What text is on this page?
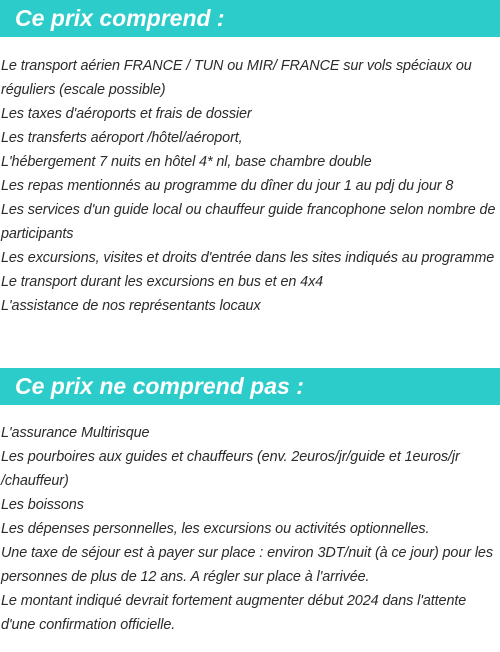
Ce prix comprend :
Le transport aérien FRANCE / TUN ou MIR/ FRANCE sur vols spéciaux ou réguliers (escale possible)
Les taxes d'aéroports et frais de dossier
Les transferts aéroport /hôtel/aéroport,
L'hébergement 7 nuits en hôtel 4* nl, base chambre double
Les repas mentionnés au programme du dîner du jour 1 au pdj du jour 8
Les services d'un guide local ou chauffeur guide francophone selon nombre de participants
Les excursions, visites et droits d'entrée dans les sites indiqués au programme
Le transport durant les excursions en bus et en 4x4
L'assistance de nos représentants locaux
Ce prix ne comprend pas :
L'assurance Multirisque
Les pourboires aux guides et chauffeurs (env. 2euros/jr/guide et 1euros/jr /chauffeur)
Les boissons
Les dépenses personnelles, les excursions ou activités optionnelles.
Une taxe de séjour est à payer sur place : environ 3DT/nuit (à ce jour) pour les personnes de plus de 12 ans. A régler sur place à l'arrivée.
Le montant indiqué devrait fortement augmenter début 2024 dans l'attente d'une confirmation officielle.
